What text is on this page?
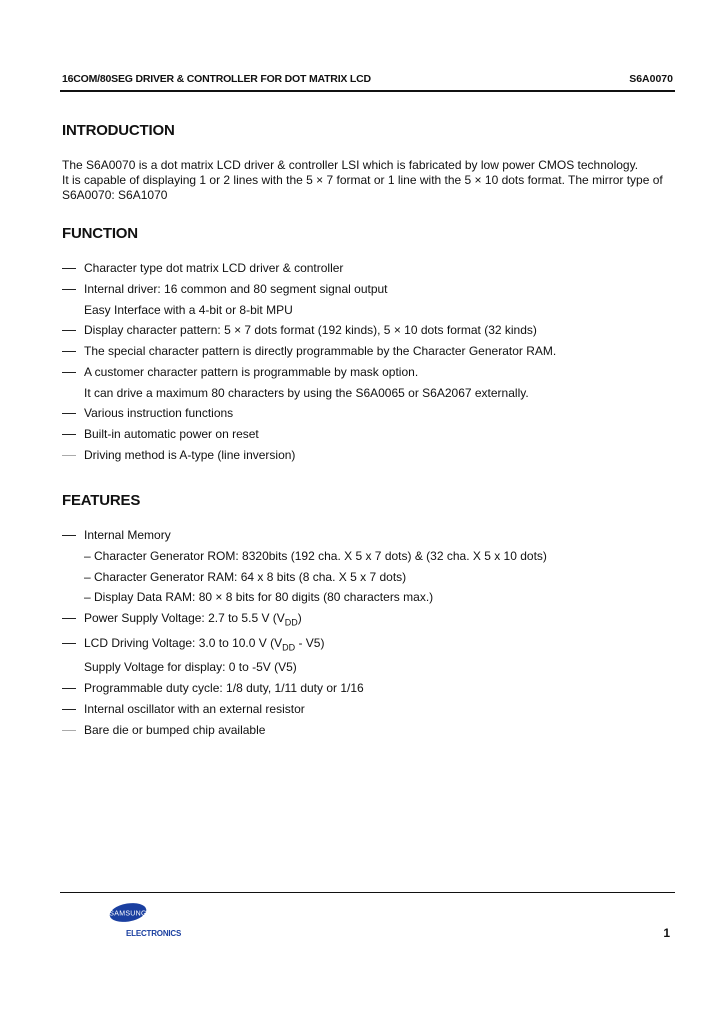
16COM/80SEG DRIVER & CONTROLLER FOR DOT MATRIX LCD	S6A0070
INTRODUCTION
The S6A0070 is a dot matrix LCD driver & controller LSI which is fabricated by low power CMOS technology.
It is capable of displaying 1 or 2 lines with the 5 × 7 format or 1 line with the 5 × 10 dots format. The mirror type of
S6A0070: S6A1070
FUNCTION
Character type dot matrix LCD driver & controller
Internal driver: 16 common and 80 segment signal output
Easy Interface with a 4-bit or 8-bit MPU
Display character pattern: 5 × 7 dots format (192 kinds), 5 × 10 dots format (32 kinds)
The special character pattern is directly programmable by the Character Generator RAM.
A customer character pattern is programmable by mask option.
It can drive a maximum 80 characters by using the S6A0065 or S6A2067 externally.
Various instruction functions
Built-in automatic power on reset
Driving method is A-type (line inversion)
FEATURES
Internal Memory
– Character Generator ROM: 8320bits (192 cha. X 5 x 7 dots) & (32 cha. X 5 x 10 dots)
– Character Generator RAM: 64 x 8 bits (8 cha. X 5 x 7 dots)
– Display Data RAM: 80 × 8 bits for 80 digits (80 characters max.)
Power Supply Voltage: 2.7 to 5.5 V $(V_{DD})$
LCD Driving Voltage: 3.0 to 10.0 V $(V_{DD} - V5)$
Supply Voltage for display: 0 to -5V (V5)
Programmable duty cycle: 1/8 duty, 1/11 duty or 1/16
Internal oscillator with an external resistor
Bare die or bumped chip available
SAMSUNG
ELECTRONICS	1
